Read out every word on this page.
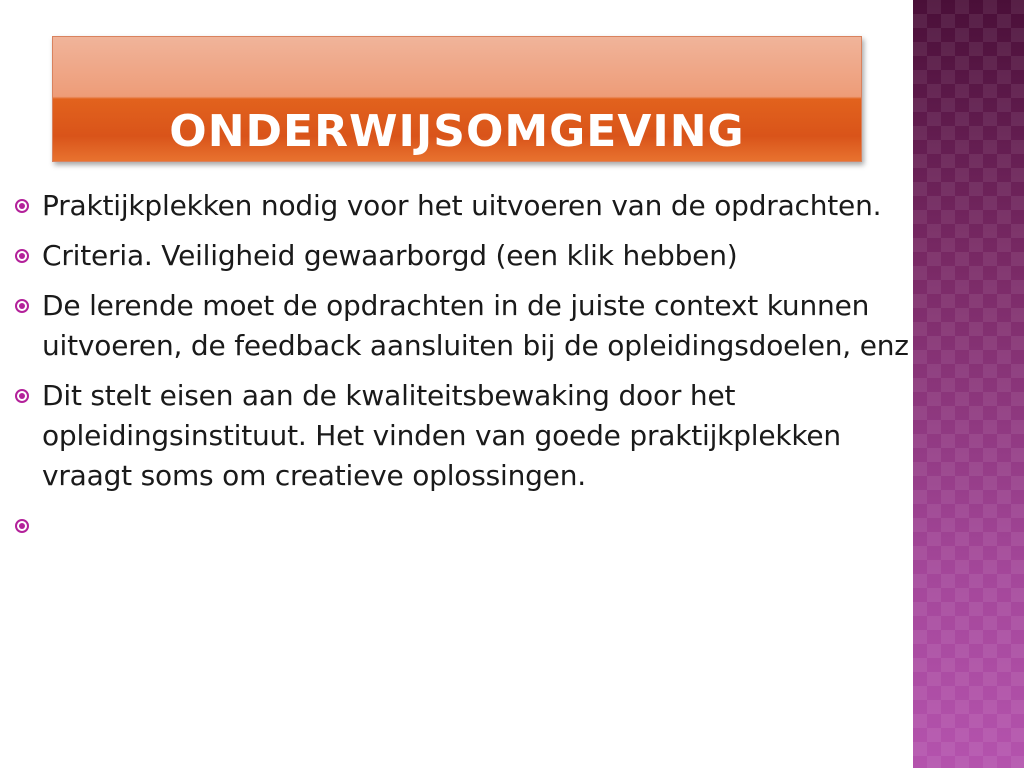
ONDERWIJSOMGEVING
Praktijkplekken nodig voor het uitvoeren van de opdrachten.
Criteria. Veiligheid gewaarborgd (een klik hebben)
De lerende moet de opdrachten in de juiste context kunnen uitvoeren, de feedback aansluiten bij de opleidingsdoelen, enz
Dit stelt eisen aan de kwaliteitsbewaking door het opleidingsinstituut. Het vinden van goede praktijkplekken vraagt soms om creatieve oplossingen.
